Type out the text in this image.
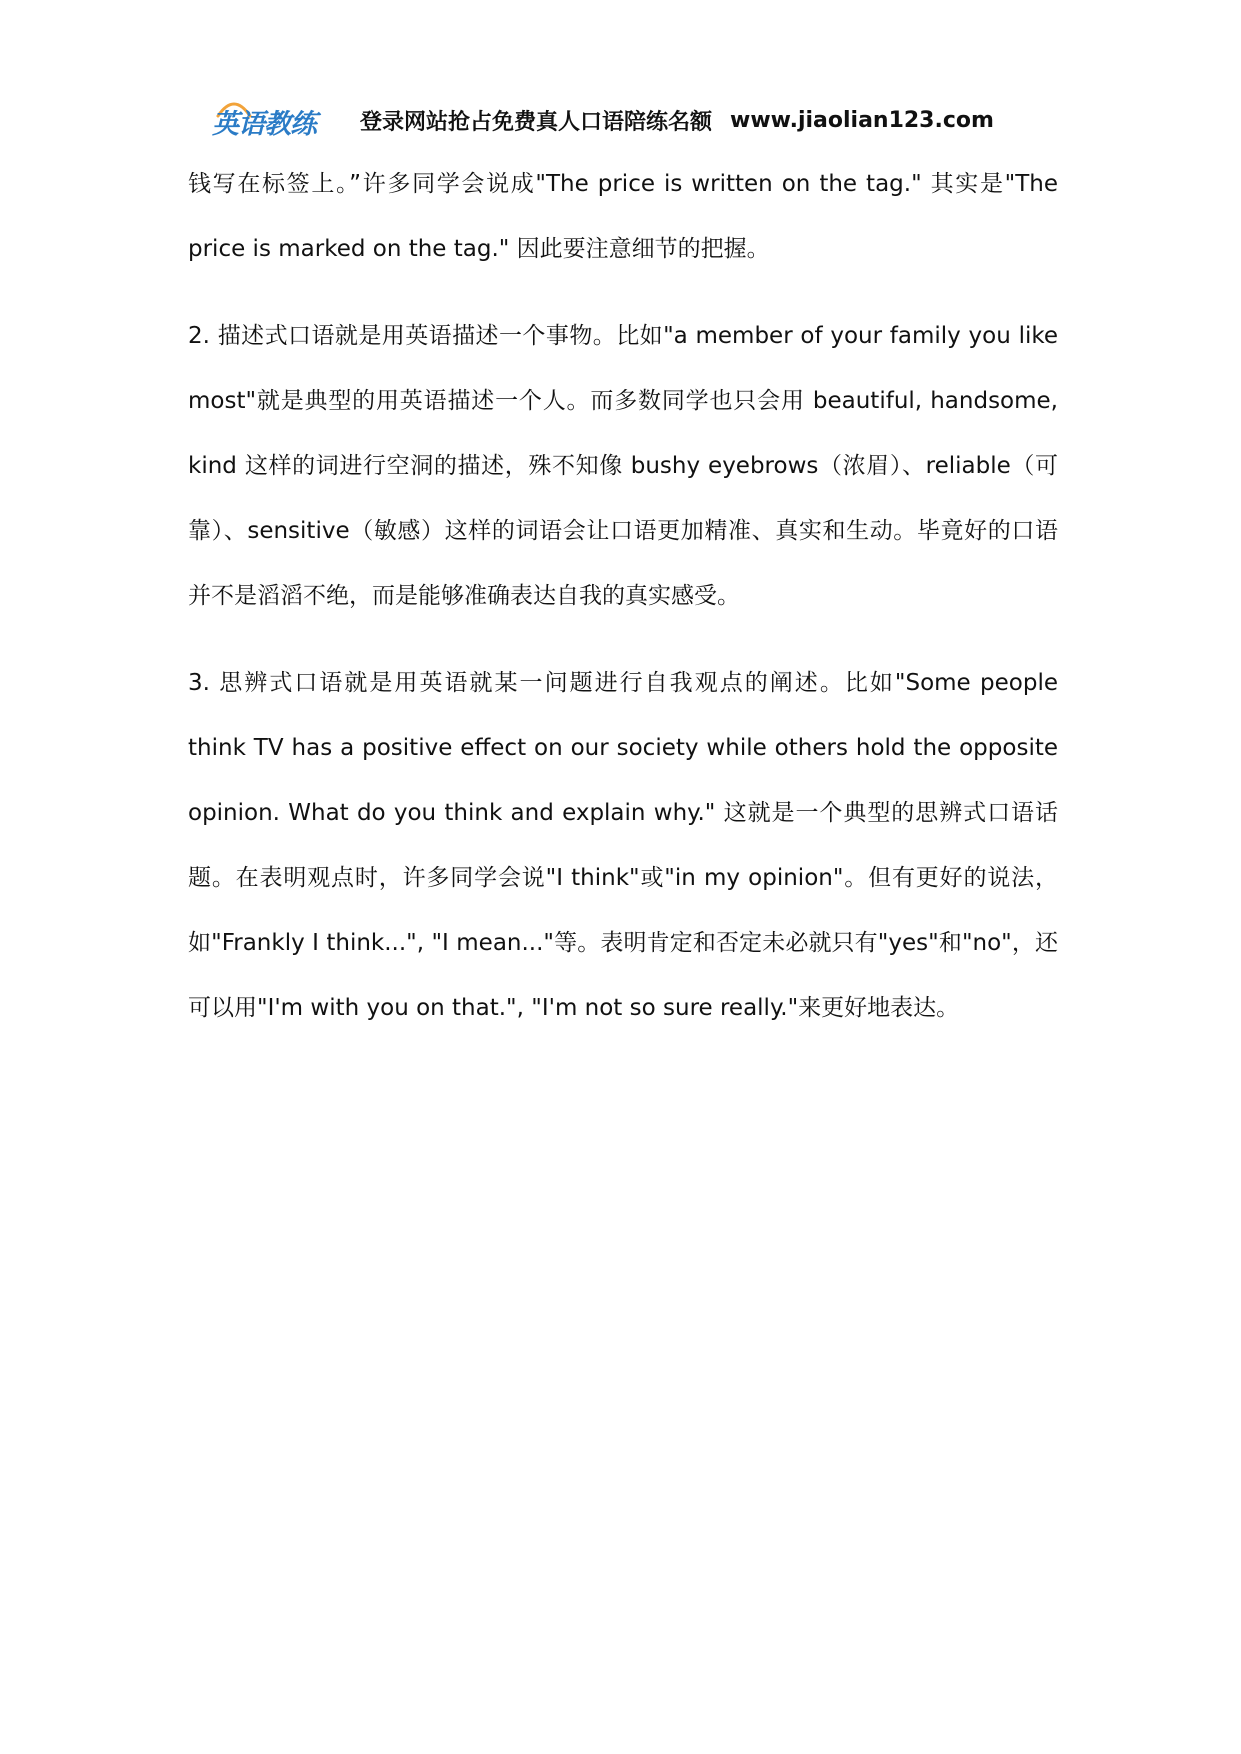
英语教练 登录网站抢占免费真人口语陪练名额 www.jiaolian123.com

钱写在标签上。”许多同学会说成"The price is written on the tag." 其实是"The price is marked on the tag." 因此要注意细节的把握。

2. 描述式口语就是用英语描述一个事物。比如"a member of your family you like most"就是典型的用英语描述一个人。而多数同学也只会用 beautiful, handsome, kind 这样的词进行空洞的描述，殊不知像 bushy eyebrows（浓眉）、reliable（可靠）、sensitive（敏感）这样的词语会让口语更加精准、真实和生动。毕竟好的口语并不是滔滔不绝，而是能够准确表达自我的真实感受。

3. 思辨式口语就是用英语就某一问题进行自我观点的阐述。比如"Some people think TV has a positive effect on our society while others hold the opposite opinion. What do you think and explain why." 这就是一个典型的思辨式口语话题。在表明观点时，许多同学会说"I think"或"in my opinion"。但有更好的说法，如"Frankly I think...", "I mean..."等。表明肯定和否定未必就只有"yes"和"no"，还可以用"I'm with you on that.", "I'm not so sure really."来更好地表达。
